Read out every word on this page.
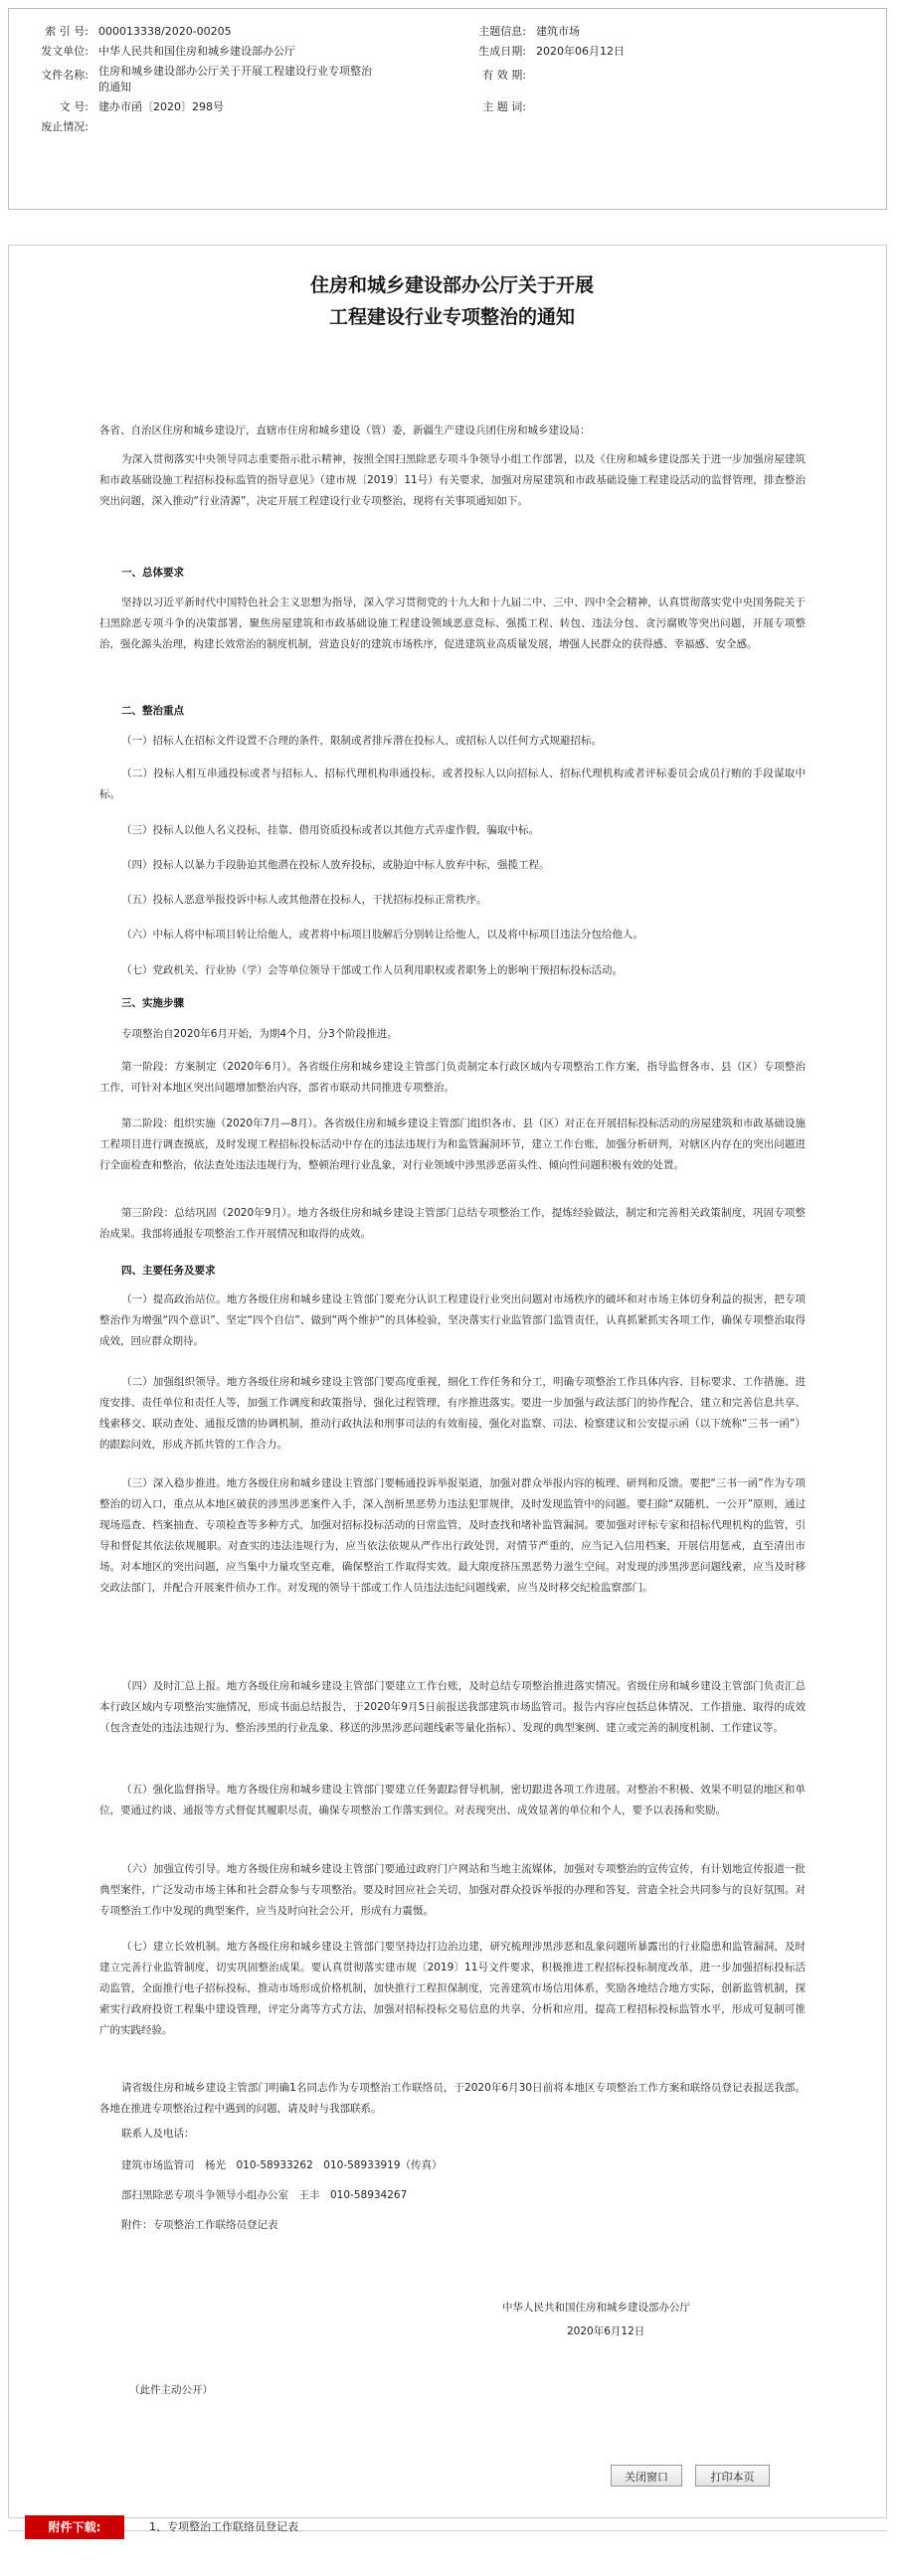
索 引 号: 000013338/2020-00205	主题信息: 建筑市场
发文单位: 中华人民共和国住房和城乡建设部办公厅	生成日期: 2020年06月12日
文件名称: 住房和城乡建设部办公厅关于开展工程建设行业专项整治	有 效 期:
的通知
文 号: 建办市函〔2020〕298号	主 题 词:
废止情况:
住房和城乡建设部办公厅关于开展
工程建设行业专项整治的通知

各省、自治区住房和城乡建设厅，直辖市住房和城乡建设（管）委，新疆生产建设兵团住房和城乡建设局：

为深入贯彻落实中央领导同志重要指示批示精神，按照全国扫黑除恶专项斗争领导小组工作部署，以及《住房和城乡建设部关于进一步加强房屋建筑和市政基础设施工程招标投标监管的指导意见》（建市规〔2019〕11号）有关要求，加强对房屋建筑和市政基础设施工程建设活动的监督管理，排查整治突出问题，深入推动“行业清源”，决定开展工程建设行业专项整治，现将有关事项通知如下。

一、总体要求

坚持以习近平新时代中国特色社会主义思想为指导，深入学习贯彻党的十九大和十九届二中、三中、四中全会精神，认真贯彻落实党中央国务院关于扫黑除恶专项斗争的决策部署，聚焦房屋建筑和市政基础设施工程建设领域恶意竞标、强揽工程、转包、违法分包、贪污腐败等突出问题，开展专项整治，强化源头治理，构建长效常治的制度机制，营造良好的建筑市场秩序，促进建筑业高质量发展，增强人民群众的获得感、幸福感、安全感。

二、整治重点

（一）招标人在招标文件设置不合理的条件，限制或者排斥潜在投标人，或招标人以任何方式规避招标。

（二）投标人相互串通投标或者与招标人、招标代理机构串通投标，或者投标人以向招标人、招标代理机构或者评标委员会成员行贿的手段谋取中标。

（三）投标人以他人名义投标，挂靠、借用资质投标或者以其他方式弄虚作假，骗取中标。

（四）投标人以暴力手段胁迫其他潜在投标人放弃投标，或胁迫中标人放弃中标，强揽工程。

（五）投标人恶意举报投诉中标人或其他潜在投标人，干扰招标投标正常秩序。

（六）中标人将中标项目转让给他人，或者将中标项目肢解后分别转让给他人，以及将中标项目违法分包给他人。

（七）党政机关、行业协（学）会等单位领导干部或工作人员利用职权或者职务上的影响干预招标投标活动。

三、实施步骤

专项整治自2020年6月开始，为期4个月，分3个阶段推进。

第一阶段：方案制定（2020年6月）。各省级住房和城乡建设主管部门负责制定本行政区域内专项整治工作方案，指导监督各市、县（区）专项整治工作，可针对本地区突出问题增加整治内容，部省市联动共同推进专项整治。

第二阶段：组织实施（2020年7月—8月）。各省级住房和城乡建设主管部门组织各市、县（区）对正在开展招标投标活动的房屋建筑和市政基础设施工程项目进行调查摸底，及时发现工程招标投标活动中存在的违法违规行为和监管漏洞环节，建立工作台账，加强分析研判，对辖区内存在的突出问题进行全面检查和整治，依法查处违法违规行为，整顿治理行业乱象，对行业领域中涉黑涉恶苗头性、倾向性问题积极有效的处置。

第三阶段：总结巩固（2020年9月）。地方各级住房和城乡建设主管部门总结专项整治工作，提炼经验做法，制定和完善相关政策制度，巩固专项整治成果。我部将通报专项整治工作开展情况和取得的成效。

四、主要任务及要求

（一）提高政治站位。地方各级住房和城乡建设主管部门要充分认识工程建设行业突出问题对市场秩序的破坏和对市场主体切身利益的损害，把专项整治作为增强“四个意识”、坚定“四个自信”、做到“两个维护”的具体检验，坚决落实行业监管部门监管责任，认真抓紧抓实各项工作，确保专项整治取得成效，回应群众期待。

（二）加强组织领导。地方各级住房和城乡建设主管部门要高度重视，细化工作任务和分工，明确专项整治工作具体内容、目标要求、工作措施、进度安排、责任单位和责任人等，加强工作调度和政策指导，强化过程管理，有序推进落实。要进一步加强与政法部门的协作配合，建立和完善信息共享、线索移交、联动查处、通报反馈的协调机制，推动行政执法和刑事司法的有效衔接，强化对监察、司法、检察建议和公安提示函（以下统称“三书一函”）的跟踪问效，形成齐抓共管的工作合力。

（三）深入稳步推进。地方各级住房和城乡建设主管部门要畅通投诉举报渠道，加强对群众举报内容的梳理、研判和反馈。要把“三书一函”作为专项整治的切入口，重点从本地区破获的涉黑涉恶案件入手，深入剖析黑恶势力违法犯罪规律，及时发现监管中的问题。要扫除“双随机、一公开”原则，通过现场巡查、档案抽查、专项检查等多种方式，加强对招标投标活动的日常监管，及时查找和堵补监管漏洞。要加强对评标专家和招标代理机构的监管，引导和督促其依法依规履职。对查实的违法违规行为，应当依法依规从严作出行政处罚，对情节严重的，应当记入信用档案，开展信用惩戒，直至清出市场。对本地区的突出问题，应当集中力量攻坚克难，确保整治工作取得实效。最大限度挤压黑恶势力滋生空间。对发现的涉黑涉恶问题线索，应当及时移交政法部门，并配合开展案件侦办工作。对发现的领导干部或工作人员违法违纪问题线索，应当及时移交纪检监察部门。

（四）及时汇总上报。地方各级住房和城乡建设主管部门要建立工作台账，及时总结专项整治推进落实情况。省级住房和城乡建设主管部门负责汇总本行政区域内专项整治实施情况，形成书面总结报告，于2020年9月5日前报送我部建筑市场监管司。报告内容应包括总体情况、工作措施、取得的成效（包含查处的违法违规行为、整治涉黑的行业乱象、移送的涉黑涉恶问题线索等量化指标）、发现的典型案例、建立或完善的制度机制、工作建议等。

（五）强化监督指导。地方各级住房和城乡建设主管部门要建立任务跟踪督导机制，密切跟进各项工作进展。对整治不积极、效果不明显的地区和单位，要通过约谈、通报等方式督促其履职尽责，确保专项整治工作落实到位。对表现突出、成效显著的单位和个人，要予以表扬和奖励。

（六）加强宣传引导。地方各级住房和城乡建设主管部门要通过政府门户网站和当地主流媒体，加强对专项整治的宣传宣传，有计划地宣传报道一批典型案件，广泛发动市场主体和社会群众参与专项整治。要及时回应社会关切，加强对群众投诉举报的办理和答复，营造全社会共同参与的良好氛围。对专项整治工作中发现的典型案件，应当及时向社会公开，形成有力震慑。

（七）建立长效机制。地方各级住房和城乡建设主管部门要坚持边打边治边建，研究梳理涉黑涉恶和乱象问题所暴露出的行业隐患和监管漏洞，及时建立完善行业监管制度，切实巩固整治成果。要认真贯彻落实建市规〔2019〕11号文件要求，积极推进工程招标投标制度改革，进一步加强招标投标活动监管，全面推行电子招标投标，推动市场形成价格机制，加快推行工程担保制度，完善建筑市场信用体系，奖励各地结合地方实际，创新监管机制，探索实行政府投资工程集中建设管理，评定分离等方式方法，加强对招标投标交易信息的共享、分析和应用，提高工程招标投标监管水平，形成可复制可推广的实践经验。

请省级住房和城乡建设主管部门明确1名同志作为专项整治工作联络员，于2020年6月30日前将本地区专项整治工作方案和联络员登记表报送我部。各地在推进专项整治过程中遇到的问题，请及时与我部联系。

联系人及电话：
建筑市场监管司　杨光　010-58933262　010-58933919（传真）
部扫黑除恶专项斗争领导小组办公室　王丰　010-58934267
附件：专项整治工作联络员登记表
中华人民共和国住房和城乡建设部办公厅
2020年6月12日
（此件主动公开）
关闭窗口	打印本页
附件下载:	1、专项整治工作联络员登记表
